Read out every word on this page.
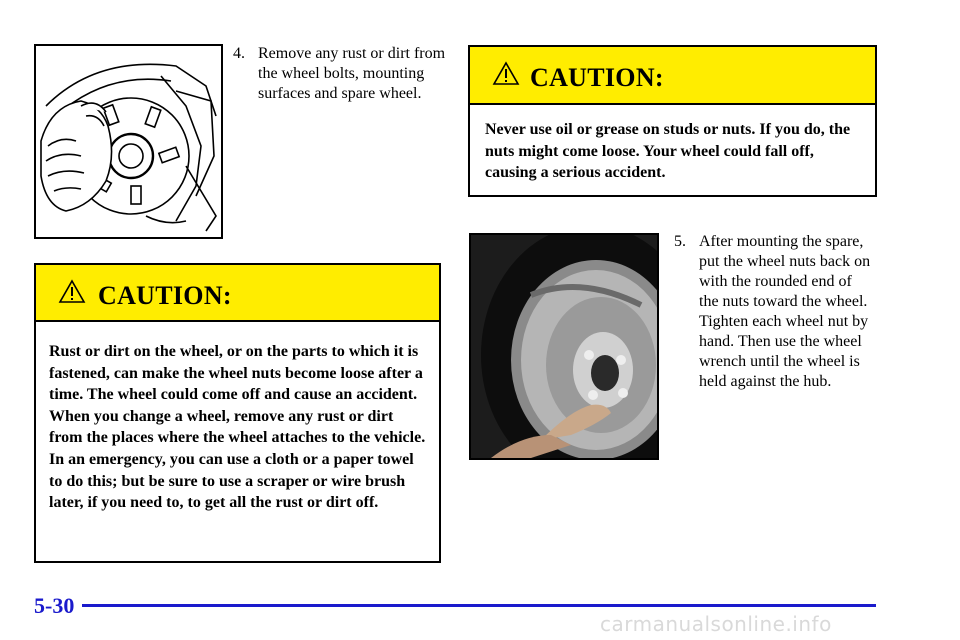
4. Remove any rust or dirt from the wheel bolts, mounting surfaces and spare wheel.
CAUTION:
Never use oil or grease on studs or nuts. If you do, the nuts might come loose. Your wheel could fall off, causing a serious accident.
CAUTION:
Rust or dirt on the wheel, or on the parts to which it is fastened, can make the wheel nuts become loose after a time. The wheel could come off and cause an accident. When you change a wheel, remove any rust or dirt from the places where the wheel attaches to the vehicle. In an emergency, you can use a cloth or a paper towel to do this; but be sure to use a scraper or wire brush later, if you need to, to get all the rust or dirt off.
5. After mounting the spare, put the wheel nuts back on with the rounded end of the nuts toward the wheel. Tighten each wheel nut by hand. Then use the wheel wrench until the wheel is held against the hub.
5-30
carmanualsonline.info
